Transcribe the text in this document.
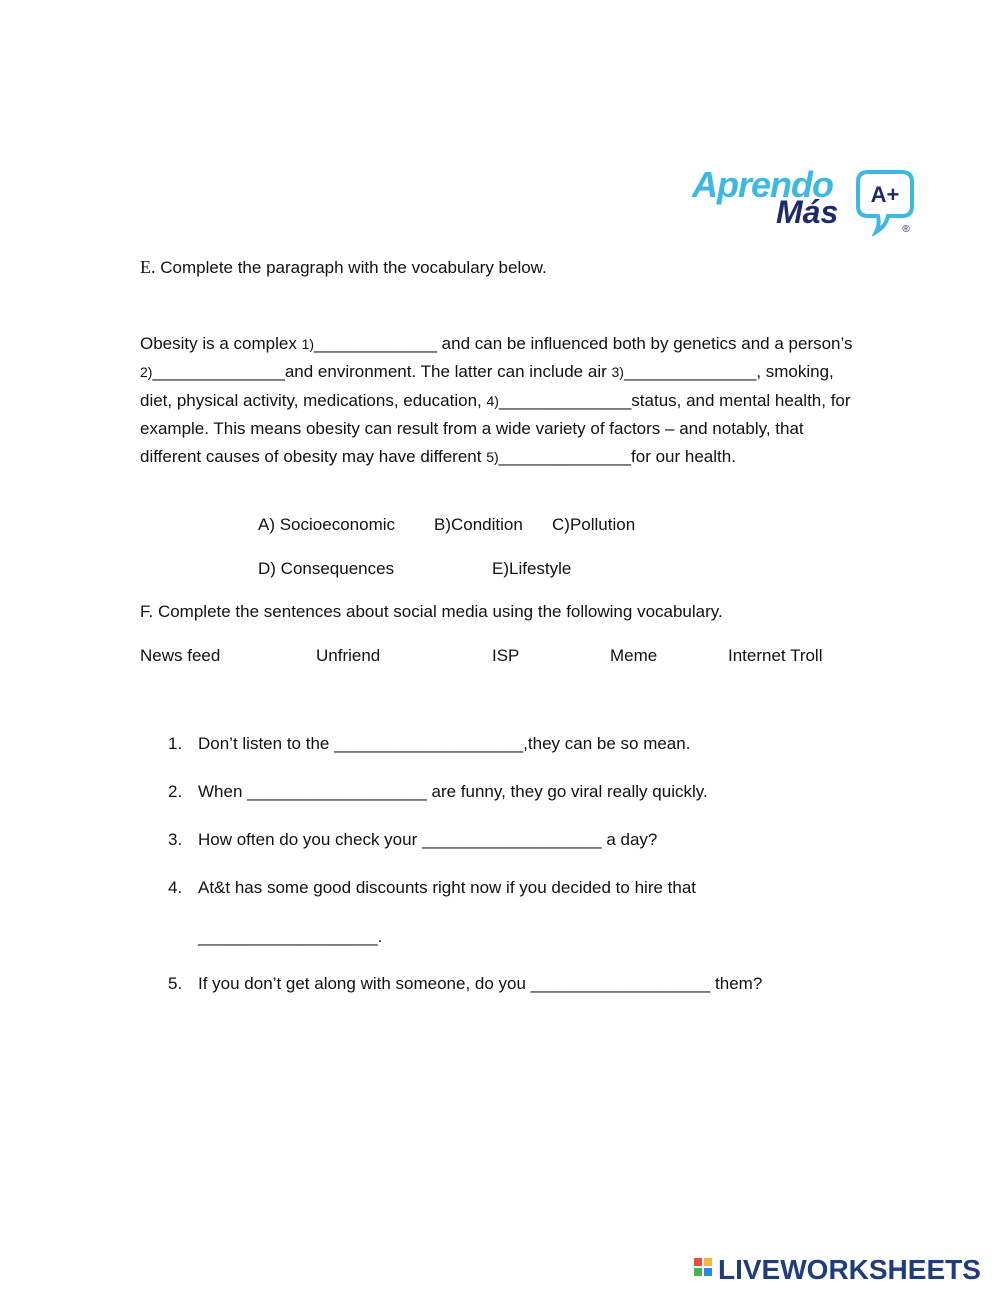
Aprendo
Más A+
®
E. Complete the paragraph with the vocabulary below.
Obesity is a complex 1)_____________ and can be influenced both by genetics and a person’s 2)______________and environment. The latter can include air 3)______________, smoking, diet, physical activity, medications, education, 4)______________status, and mental health, for example. This means obesity can result from a wide variety of factors – and notably, that different causes of obesity may have different 5)______________for our health.
A) Socioeconomic B)Condition C)Pollution
D) Consequences	E)Lifestyle
F. Complete the sentences about social media using the following vocabulary.
News feed	Unfriend	ISP	Meme	Internet Troll
1. Don’t listen to the ____________________,they can be so mean.
2. When ___________________ are funny, they go viral really quickly.
3. How often do you check your ___________________ a day?
4. At&t has some good discounts right now if you decided to hire that
___________________.
5. If you don’t get along with someone, do you ___________________ them?
LIVEWORKSHEETS
